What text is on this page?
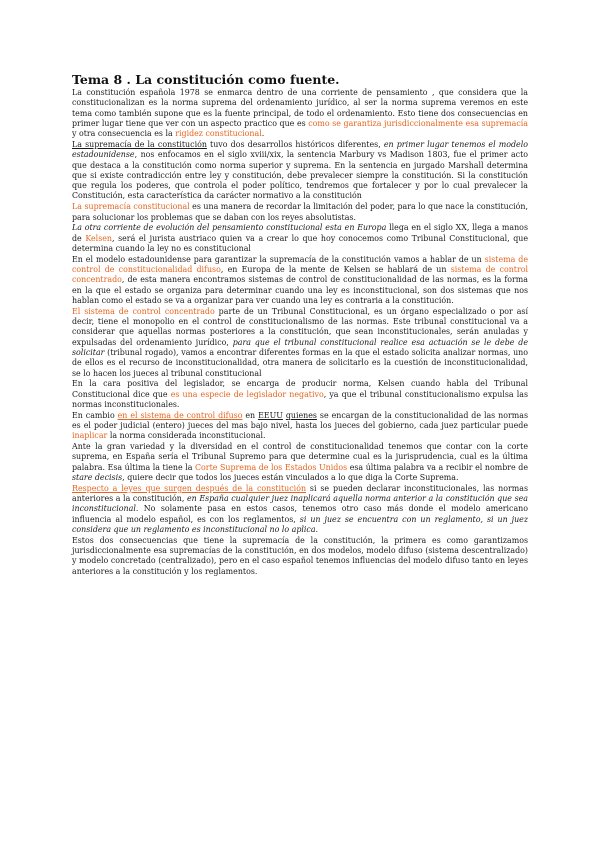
Tema 8 . La constitución como fuente.

La constitución española 1978 se enmarca dentro de una corriente de pensamiento , que considera que la constitucionalizan es la norma suprema del ordenamiento jurídico, al ser la norma suprema veremos en este tema como también supone que es la fuente principal, de todo el ordenamiento. Esto tiene dos consecuencias en primer lugar tiene que ver con un aspecto practico que es como se garantiza jurisdiccionalmente esa supremacía y otra consecuencia es la rigidez constitucional.

La supremacía de la constitución tuvo dos desarrollos históricos diferentes, en primer lugar tenemos el modelo estadounidense, nos enfocamos en el siglo xviii/xix, la sentencia Marbury vs Madison 1803, fue el primer acto que destaca a la constitución como norma superior y suprema. En la sentencia en jurgado Marshall determina que si existe contradicción entre ley y constitución, debe prevalecer siempre la constitución. Si la constitución que regula los poderes, que controla el poder político, tendremos que fortalecer y por lo cual prevalecer la Constitución, esta característica da carácter normativo a la constitución

La supremacía constitucional es una manera de recordar la limitación del poder, para lo que nace la constitución, para solucionar los problemas que se daban con los reyes absolutistas.

La otra corriente de evolución del pensamiento constitucional esta en Europa llega en el siglo XX, llega a manos de Kelsen, será el jurista austriaco quien va a crear lo que hoy conocemos como Tribunal Constitucional, que determina cuando la ley no es constitucional

En el modelo estadounidense para garantizar la supremacía de la constitución vamos a hablar de un sistema de control de constitucionalidad difuso, en Europa de la mente de Kelsen se hablará de un sistema de control concentrado, de esta manera encontramos sistemas de control de constitucionalidad de las normas, es la forma en la que el estado se organiza para determinar cuando una ley es inconstitucional, son dos sistemas que nos hablan como el estado se va a organizar para ver cuando una ley es contraria a la constitución.

El sistema de control concentrado parte de un Tribunal Constitucional, es un órgano especializado o por así decir, tiene el monopolio en el control de constitucionalismo de las normas. Este tribunal constitucional va a considerar que aquellas normas posteriores a la constitución, que sean inconstitucionales, serán anuladas y expulsadas del ordenamiento jurídico, para que el tribunal constitucional realice esa actuación se le debe de solicitar (tribunal rogado), vamos a encontrar diferentes formas en la que el estado solicita analizar normas, uno de ellos es el recurso de inconstitucionalidad, otra manera de solicitarlo es la cuestión de inconstitucionalidad, se lo hacen los jueces al tribunal constitucional

En la cara positiva del legislador, se encarga de producir norma, Kelsen cuando habla del Tribunal Constitucional dice que es una especie de legislador negativo, ya que el tribunal constitucionalismo expulsa las normas inconstitucionales.

En cambio en el sistema de control difuso en EEUU quienes se encargan de la constitucionalidad de las normas es el poder judicial (entero) jueces del mas bajo nivel, hasta los jueces del gobierno, cada juez particular puede inaplicar la norma considerada inconstitucional.

Ante la gran variedad y la diversidad en el control de constitucionalidad tenemos que contar con la corte suprema, en España sería el Tribunal Supremo para que determine cual es la jurisprudencia, cual es la última palabra. Esa última la tiene la Corte Suprema de los Estados Unidos esa última palabra va a recibir el nombre de stare decisis, quiere decir que todos los jueces están vinculados a lo que diga la Corte Suprema.

Respecto a leyes que surgen después de la constitución si se pueden declarar inconstitucionales, las normas anteriores a la constitución, en España cualquier juez inaplicará aquella norma anterior a la constitución que sea inconstitucional. No solamente pasa en estos casos, tenemos otro caso más donde el modelo americano influencia al modelo español, es con los reglamentos, si un juez se encuentra con un reglamento, si un juez considera que un reglamento es inconstitucional no lo aplica.

Estos dos consecuencias que tiene la supremacía de la constitución, la primera es como garantizamos jurisdiccionalmente esa supremacías de la constitución, en dos modelos, modelo difuso (sistema descentralizado) y modelo concretado (centralizado), pero en el caso español tenemos influencias del modelo difuso tanto en leyes anteriores a la constitución y los reglamentos.
